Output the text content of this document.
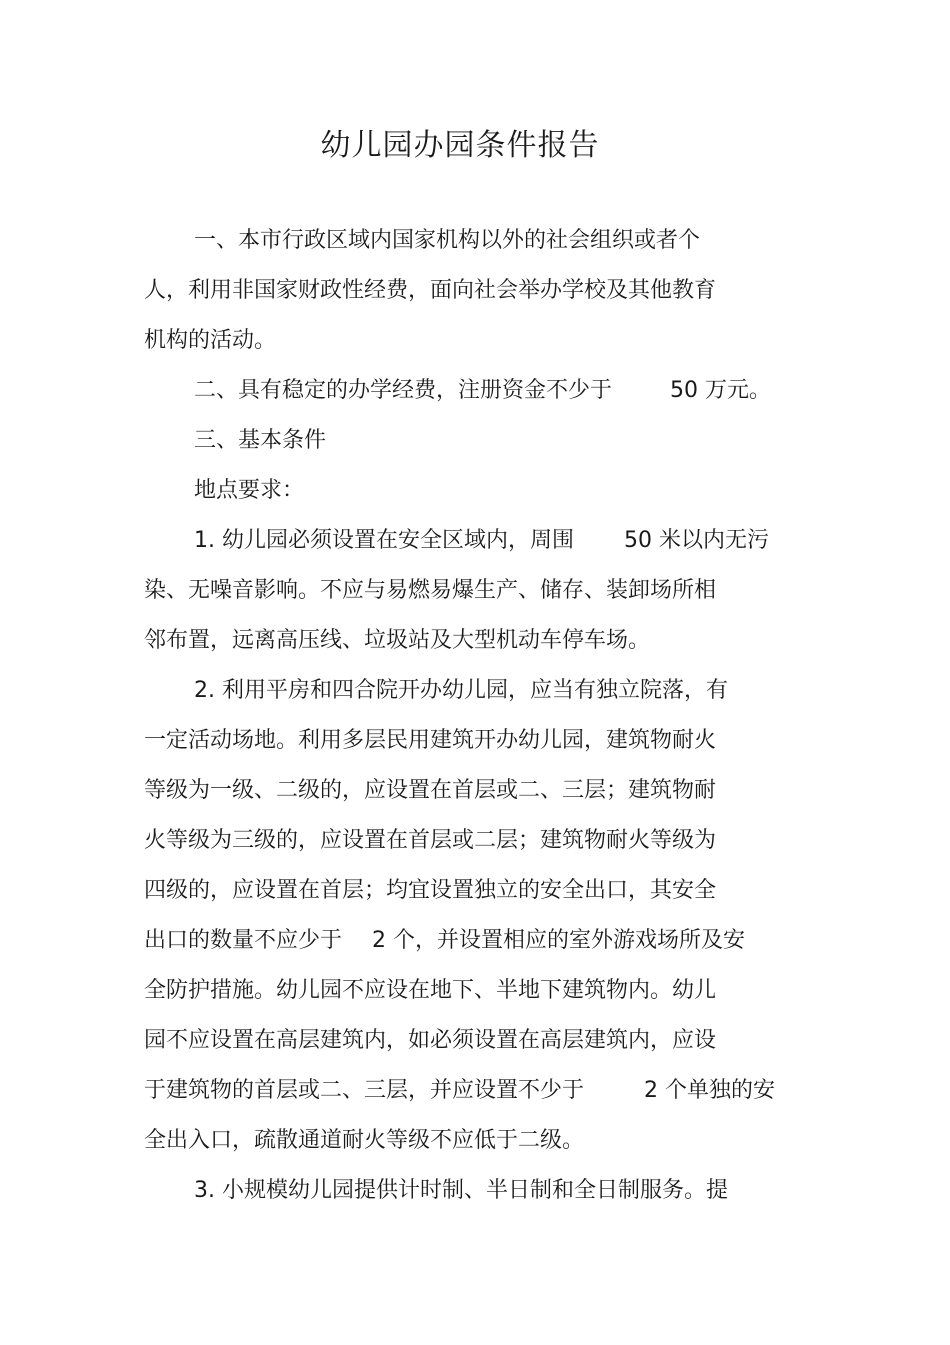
幼儿园办园条件报告
一、本市行政区域内国家机构以外的社会组织或者个
人，利用非国家财政性经费，面向社会举办学校及其他教育
机构的活动。
二、具有稳定的办学经费，注册资金不少于	50 万元。
三、基本条件
地点要求：
1. 幼儿园必须设置在安全区域内，周围 50 米以内无污
染、无噪音影响。不应与易燃易爆生产、储存、装卸场所相
邻布置，远离高压线、垃圾站及大型机动车停车场。
2. 利用平房和四合院开办幼儿园，应当有独立院落，有
一定活动场地。利用多层民用建筑开办幼儿园，建筑物耐火
等级为一级、二级的，应设置在首层或二、三层；建筑物耐
火等级为三级的，应设置在首层或二层；建筑物耐火等级为
四级的，应设置在首层；均宜设置独立的安全出口，其安全
出口的数量不应少于 2 个，并设置相应的室外游戏场所及安
全防护措施。幼儿园不应设在地下、半地下建筑物内。幼儿
园不应设置在高层建筑内，如必须设置在高层建筑内，应设
于建筑物的首层或二、三层，并应设置不少于	2 个单独的安
全出入口，疏散通道耐火等级不应低于二级。
3. 小规模幼儿园提供计时制、半日制和全日制服务。提
